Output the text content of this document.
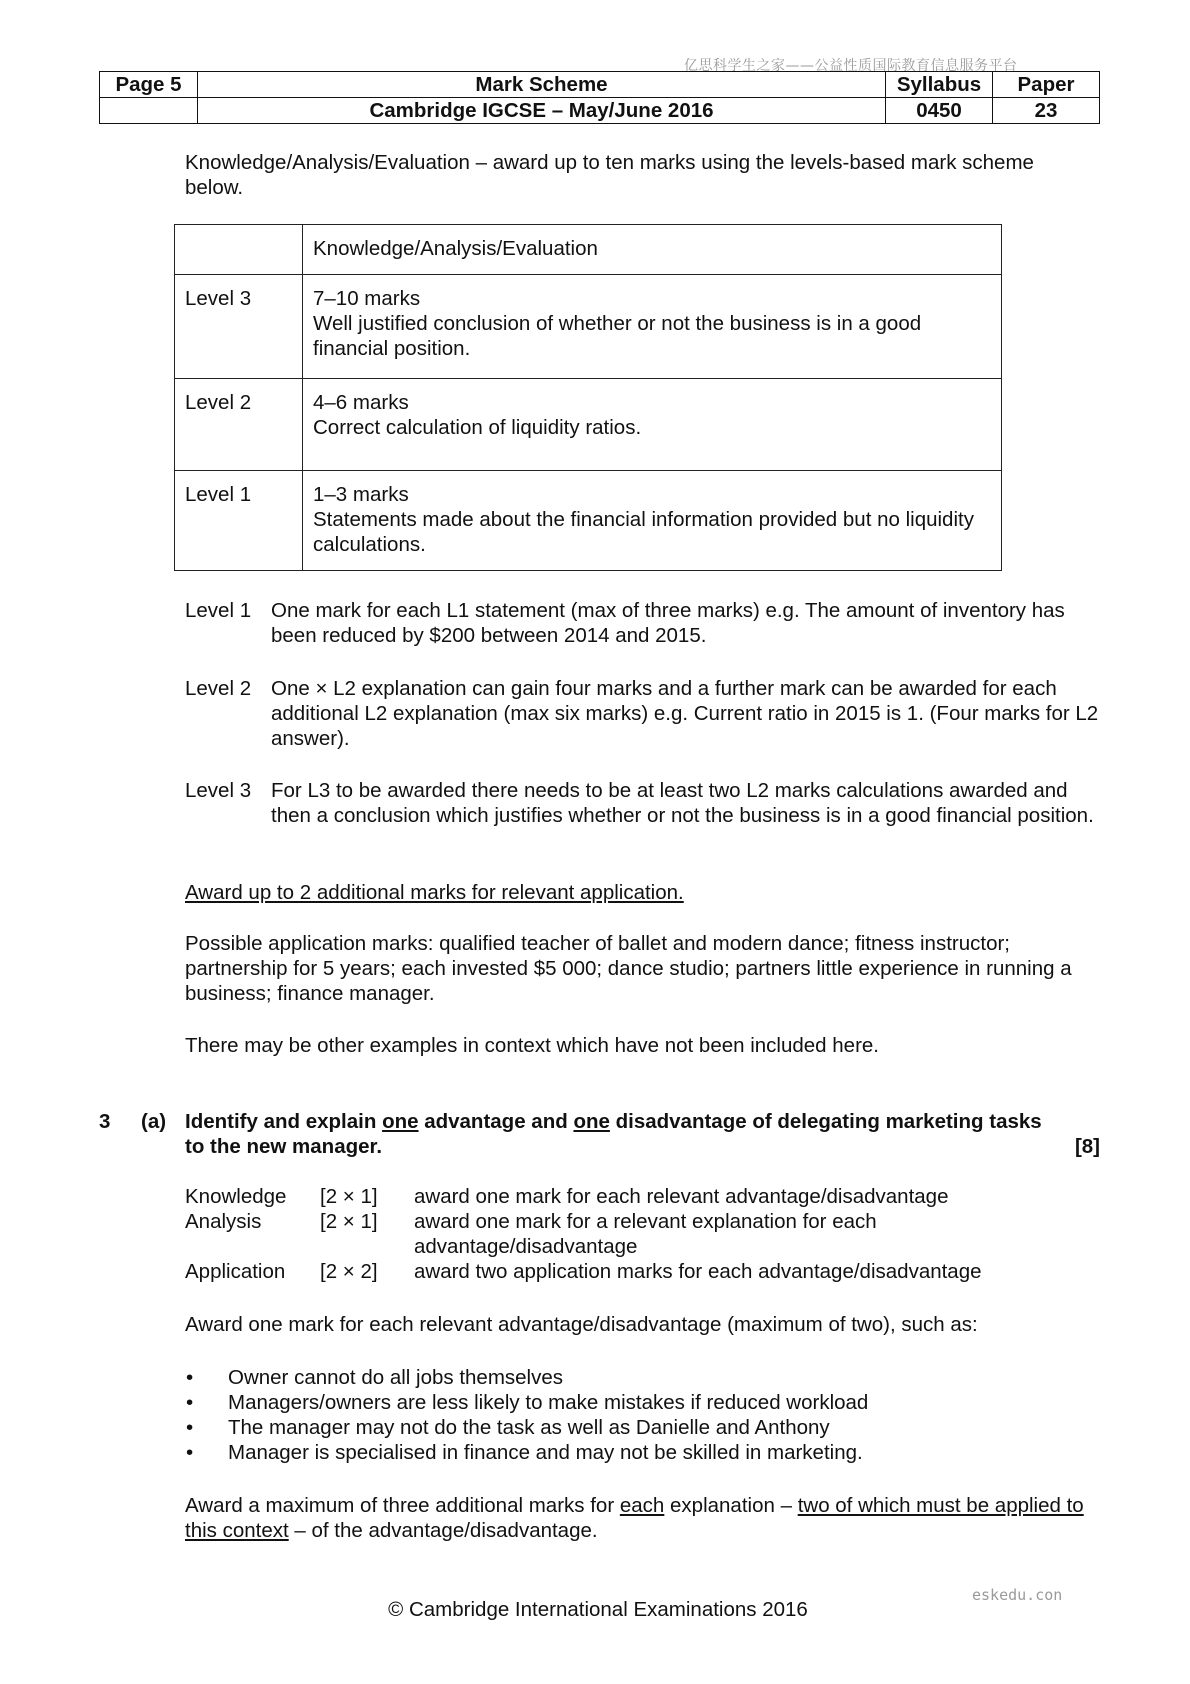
亿思科学生之家——公益性质国际教育信息服务平台
Page 5	Mark Scheme	Syllabus	Paper
	Cambridge IGCSE – May/June 2016	0450	23

Knowledge/Analysis/Evaluation – award up to ten marks using the levels-based mark scheme below.

	Knowledge/Analysis/Evaluation
Level 3	7–10 marks
Well justified conclusion of whether or not the business is in a good financial position.

Level 2	4–6 marks
Correct calculation of liquidity ratios.

Level 1	1–3 marks
Statements made about the financial information provided but no liquidity calculations.
Level 1 One mark for each L1 statement (max of three marks) e.g. The amount of inventory has been reduced by $200 between 2014 and 2015.
Level 2 One × L2 explanation can gain four marks and a further mark can be awarded for each additional L2 explanation (max six marks) e.g. Current ratio in 2015 is 1. (Four marks for L2 answer).
Level 3 For L3 to be awarded there needs to be at least two L2 marks calculations awarded and then a conclusion which justifies whether or not the business is in a good financial position.

Award up to 2 additional marks for relevant application.

Possible application marks: qualified teacher of ballet and modern dance; fitness instructor; partnership for 5 years; each invested $5 000; dance studio; partners little experience in running a business; finance manager.

There may be other examples in context which have not been included here.

3 (a) Identify and explain one advantage and one disadvantage of delegating marketing tasks to the new manager.	[8]
Knowledge	[2 × 1]	award one mark for each relevant advantage/disadvantage
Analysis	[2 × 1]	award one mark for a relevant explanation for each advantage/disadvantage
Application	[2 × 2]	award two application marks for each advantage/disadvantage

Award one mark for each relevant advantage/disadvantage (maximum of two), such as:

• Owner cannot do all jobs themselves
• Managers/owners are less likely to make mistakes if reduced workload
• The manager may not do the task as well as Danielle and Anthony
• Manager is specialised in finance and may not be skilled in marketing.

Award a maximum of three additional marks for each explanation – two of which must be applied to this context – of the advantage/disadvantage.

eskedu.con
© Cambridge International Examinations 2016
